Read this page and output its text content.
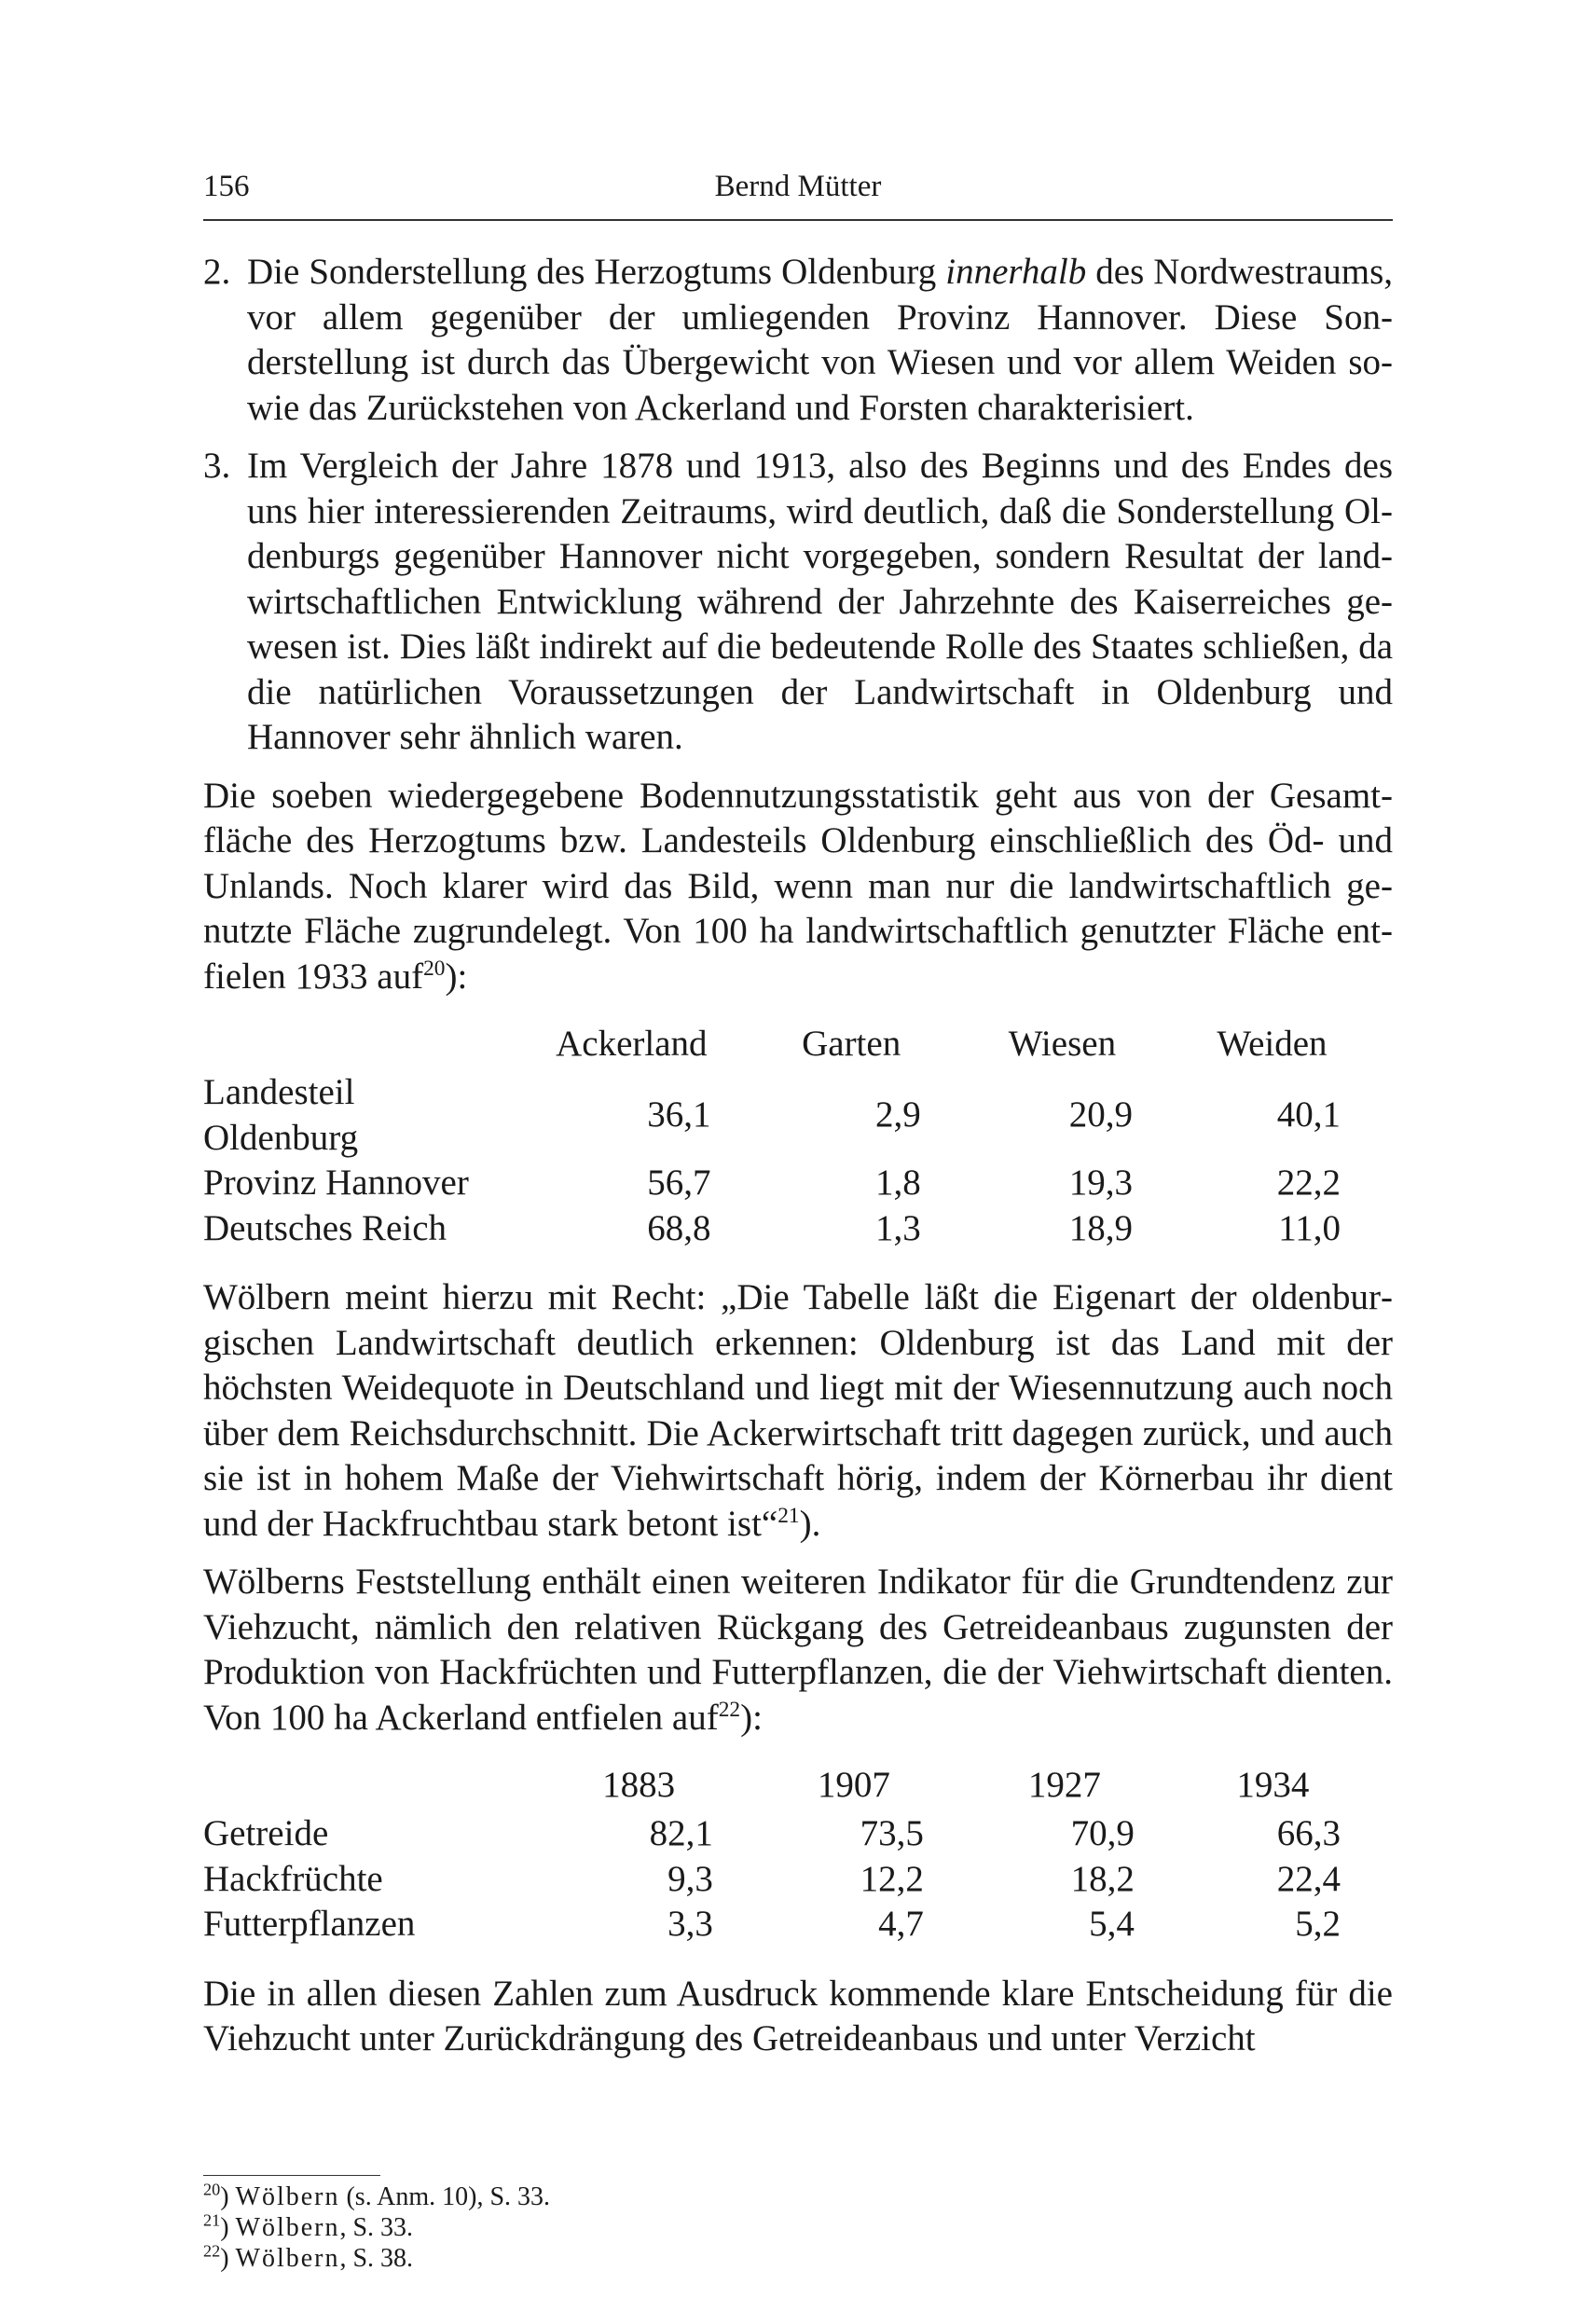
156	Bernd Mütter
2. Die Sonderstellung des Herzogtums Oldenburg innerhalb des Nordwestraums, vor allem gegenüber der umliegenden Provinz Hannover. Diese Sonderstellung ist durch das Übergewicht von Wiesen und vor allem Weiden sowie das Zurückstehen von Ackerland und Forsten charakterisiert.
3. Im Vergleich der Jahre 1878 und 1913, also des Beginns und des Endes des uns hier interessierenden Zeitraums, wird deutlich, daß die Sonderstellung Oldenburgs gegenüber Hannover nicht vorgegeben, sondern Resultat der landwirtschaftlichen Entwicklung während der Jahrzehnte des Kaiserreiches gewesen ist. Dies läßt indirekt auf die bedeutende Rolle des Staates schließen, da die natürlichen Voraussetzungen der Landwirtschaft in Oldenburg und Hannover sehr ähnlich waren.

Die soeben wiedergegebene Bodennutzungsstatistik geht aus von der Gesamtfläche des Herzogtums bzw. Landesteils Oldenburg einschließlich des Öd- und Unlands. Noch klarer wird das Bild, wenn man nur die landwirtschaftlich genutzte Fläche zugrundelegt. Von 100 ha landwirtschaftlich genutzter Fläche entfielen 1933 auf$^{20}$):

	Ackerland	Garten	Wiesen	Weiden
Landesteil Oldenburg	36,1	2,9	20,9	40,1
Provinz Hannover	56,7	1,8	19,3	22,2
Deutsches Reich	68,8	1,3	18,9	11,0

Wölbern meint hierzu mit Recht: „Die Tabelle läßt die Eigenart der oldenburgischen Landwirtschaft deutlich erkennen: Oldenburg ist das Land mit der höchsten Weidequote in Deutschland und liegt mit der Wiesennutzung auch noch über dem Reichsdurchschnitt. Die Ackerwirtschaft tritt dagegen zurück, und auch sie ist in hohem Maße der Viehwirtschaft hörig, indem der Körnerbau ihr dient und der Hackfruchtbau stark betont ist“$^{21}$).

Wölberns Feststellung enthält einen weiteren Indikator für die Grundtendenz zur Viehzucht, nämlich den relativen Rückgang des Getreideanbaus zugunsten der Produktion von Hackfrüchten und Futterpflanzen, die der Viehwirtschaft dienten. Von 100 ha Ackerland entfielen auf$^{22}$):

	1883	1907	1927	1934
Getreide	82,1	73,5	70,9	66,3
Hackfrüchte	9,3	12,2	18,2	22,4
Futterpflanzen	3,3	4,7	5,4	5,2

Die in allen diesen Zahlen zum Ausdruck kommende klare Entscheidung für die Viehzucht unter Zurückdrängung des Getreideanbaus und unter Verzicht

$^{20}$) Wölbern (s. Anm. 10), S. 33.
$^{21}$) Wölbern, S. 33.
$^{22}$) Wölbern, S. 38.
